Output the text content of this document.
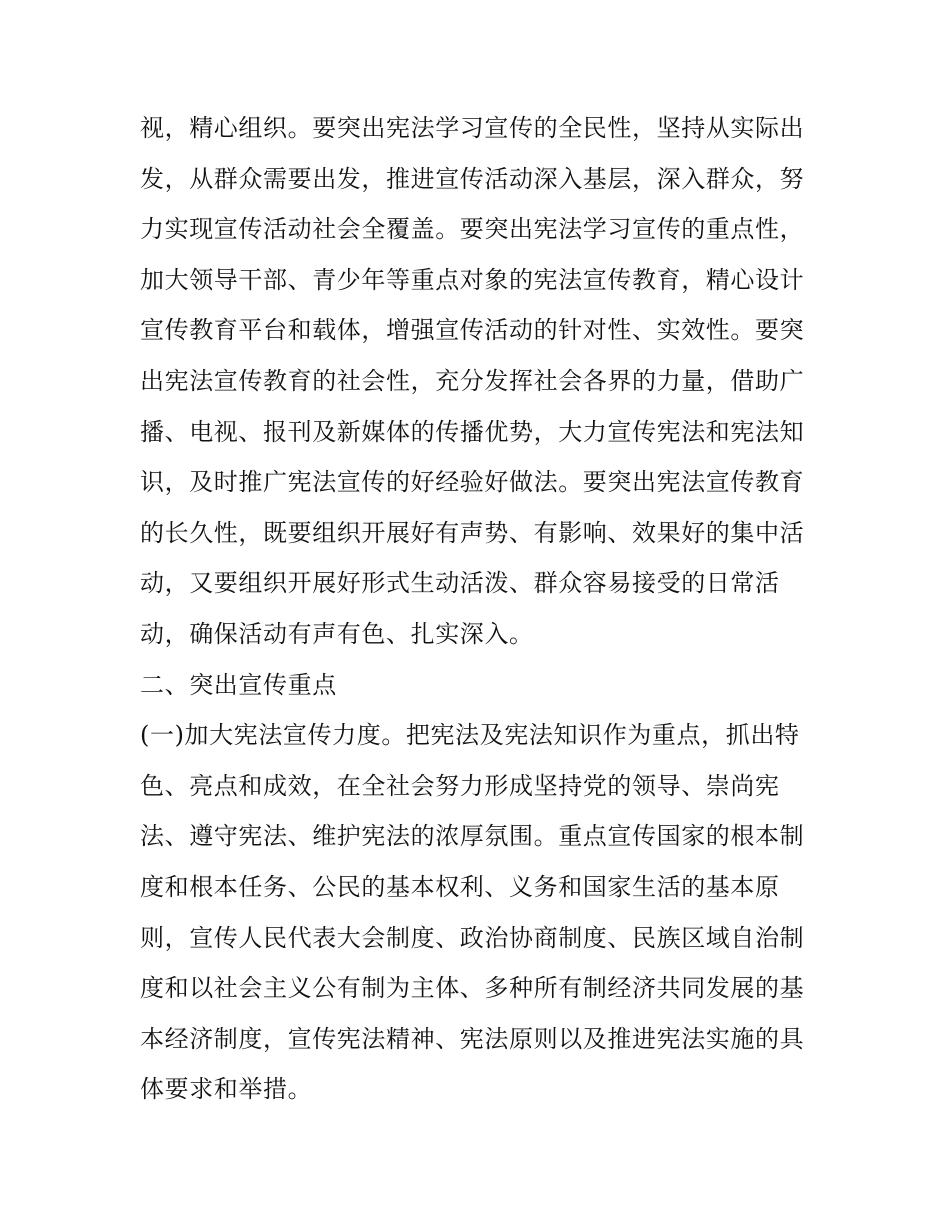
视，精心组织。要突出宪法学习宣传的全民性，坚持从实际出
发，从群众需要出发，推进宣传活动深入基层，深入群众，努
力实现宣传活动社会全覆盖。要突出宪法学习宣传的重点性，
加大领导干部、青少年等重点对象的宪法宣传教育，精心设计
宣传教育平台和载体，增强宣传活动的针对性、实效性。要突
出宪法宣传教育的社会性，充分发挥社会各界的力量，借助广
播、电视、报刊及新媒体的传播优势，大力宣传宪法和宪法知
识，及时推广宪法宣传的好经验好做法。要突出宪法宣传教育
的长久性，既要组织开展好有声势、有影响、效果好的集中活
动，又要组织开展好形式生动活泼、群众容易接受的日常活
动，确保活动有声有色、扎实深入。
二、突出宣传重点
(一)加大宪法宣传力度。把宪法及宪法知识作为重点，抓出特
色、亮点和成效，在全社会努力形成坚持党的领导、崇尚宪
法、遵守宪法、维护宪法的浓厚氛围。重点宣传国家的根本制
度和根本任务、公民的基本权利、义务和国家生活的基本原
则，宣传人民代表大会制度、政治协商制度、民族区域自治制
度和以社会主义公有制为主体、多种所有制经济共同发展的基
本经济制度，宣传宪法精神、宪法原则以及推进宪法实施的具
体要求和举措。
